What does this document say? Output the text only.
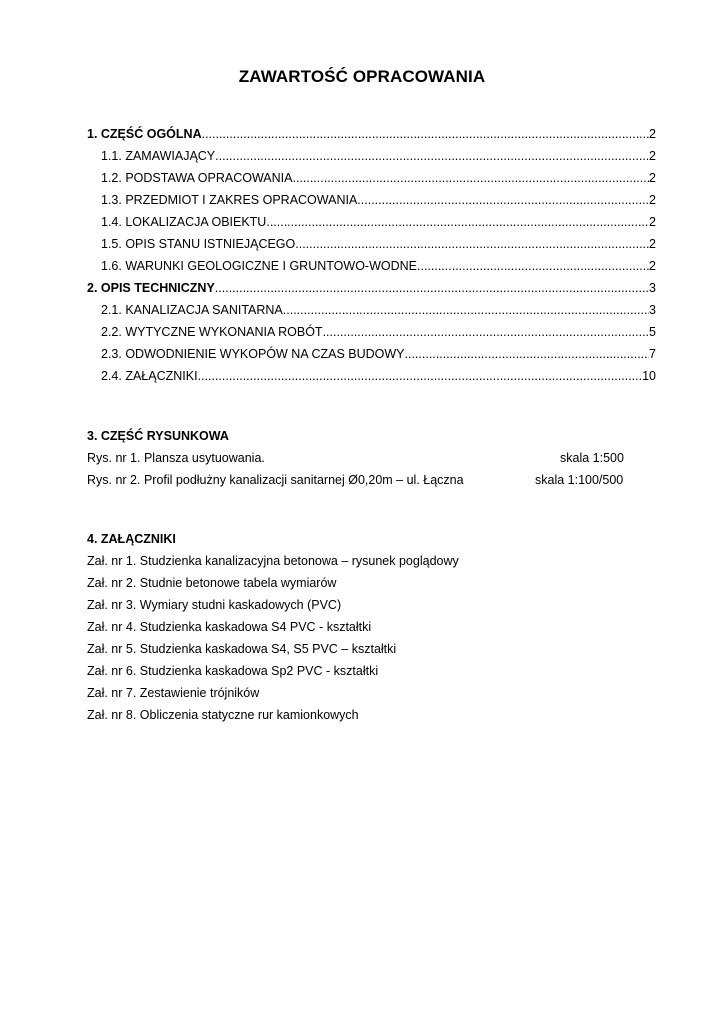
ZAWARTOŚĆ OPRACOWANIA
1. CZĘŚĆ OGÓLNA .....	2
1.1. ZAMAWIAJĄCY .....	2
1.2. PODSTAWA OPRACOWANIA .....	2
1.3. PRZEDMIOT I ZAKRES OPRACOWANIA .....	2
1.4. LOKALIZACJA OBIEKTU .....	2
1.5. OPIS STANU ISTNIEJĄCEGO .....	2
1.6. WARUNKI GEOLOGICZNE I GRUNTOWO-WODNE .....	2
2. OPIS TECHNICZNY .....	3
2.1. KANALIZACJA SANITARNA .....	3
2.2. WYTYCZNE WYKONANIA ROBÓT .....	5
2.3. ODWODNIENIE WYKOPÓW NA CZAS BUDOWY .....	7
2.4. ZAŁĄCZNIKI .....	10
3. CZĘŚĆ RYSUNKOWA
Rys. nr 1. Plansza usytuowania.	skala 1:500
Rys. nr 2. Profil podłużny kanalizacji sanitarnej Ø0,20m – ul. Łączna	skala 1:100/500
4. ZAŁĄCZNIKI
Zał. nr 1. Studzienka kanalizacyjna betonowa – rysunek poglądowy
Zał. nr 2. Studnie betonowe tabela wymiarów
Zał. nr 3. Wymiary studni kaskadowych (PVC)
Zał. nr 4. Studzienka kaskadowa S4 PVC - kształtki
Zał. nr 5. Studzienka kaskadowa S4, S5 PVC – kształtki
Zał. nr 6. Studzienka kaskadowa Sp2 PVC - kształtki
Zał. nr 7. Zestawienie trójników
Zał. nr 8. Obliczenia statyczne rur kamionkowych
